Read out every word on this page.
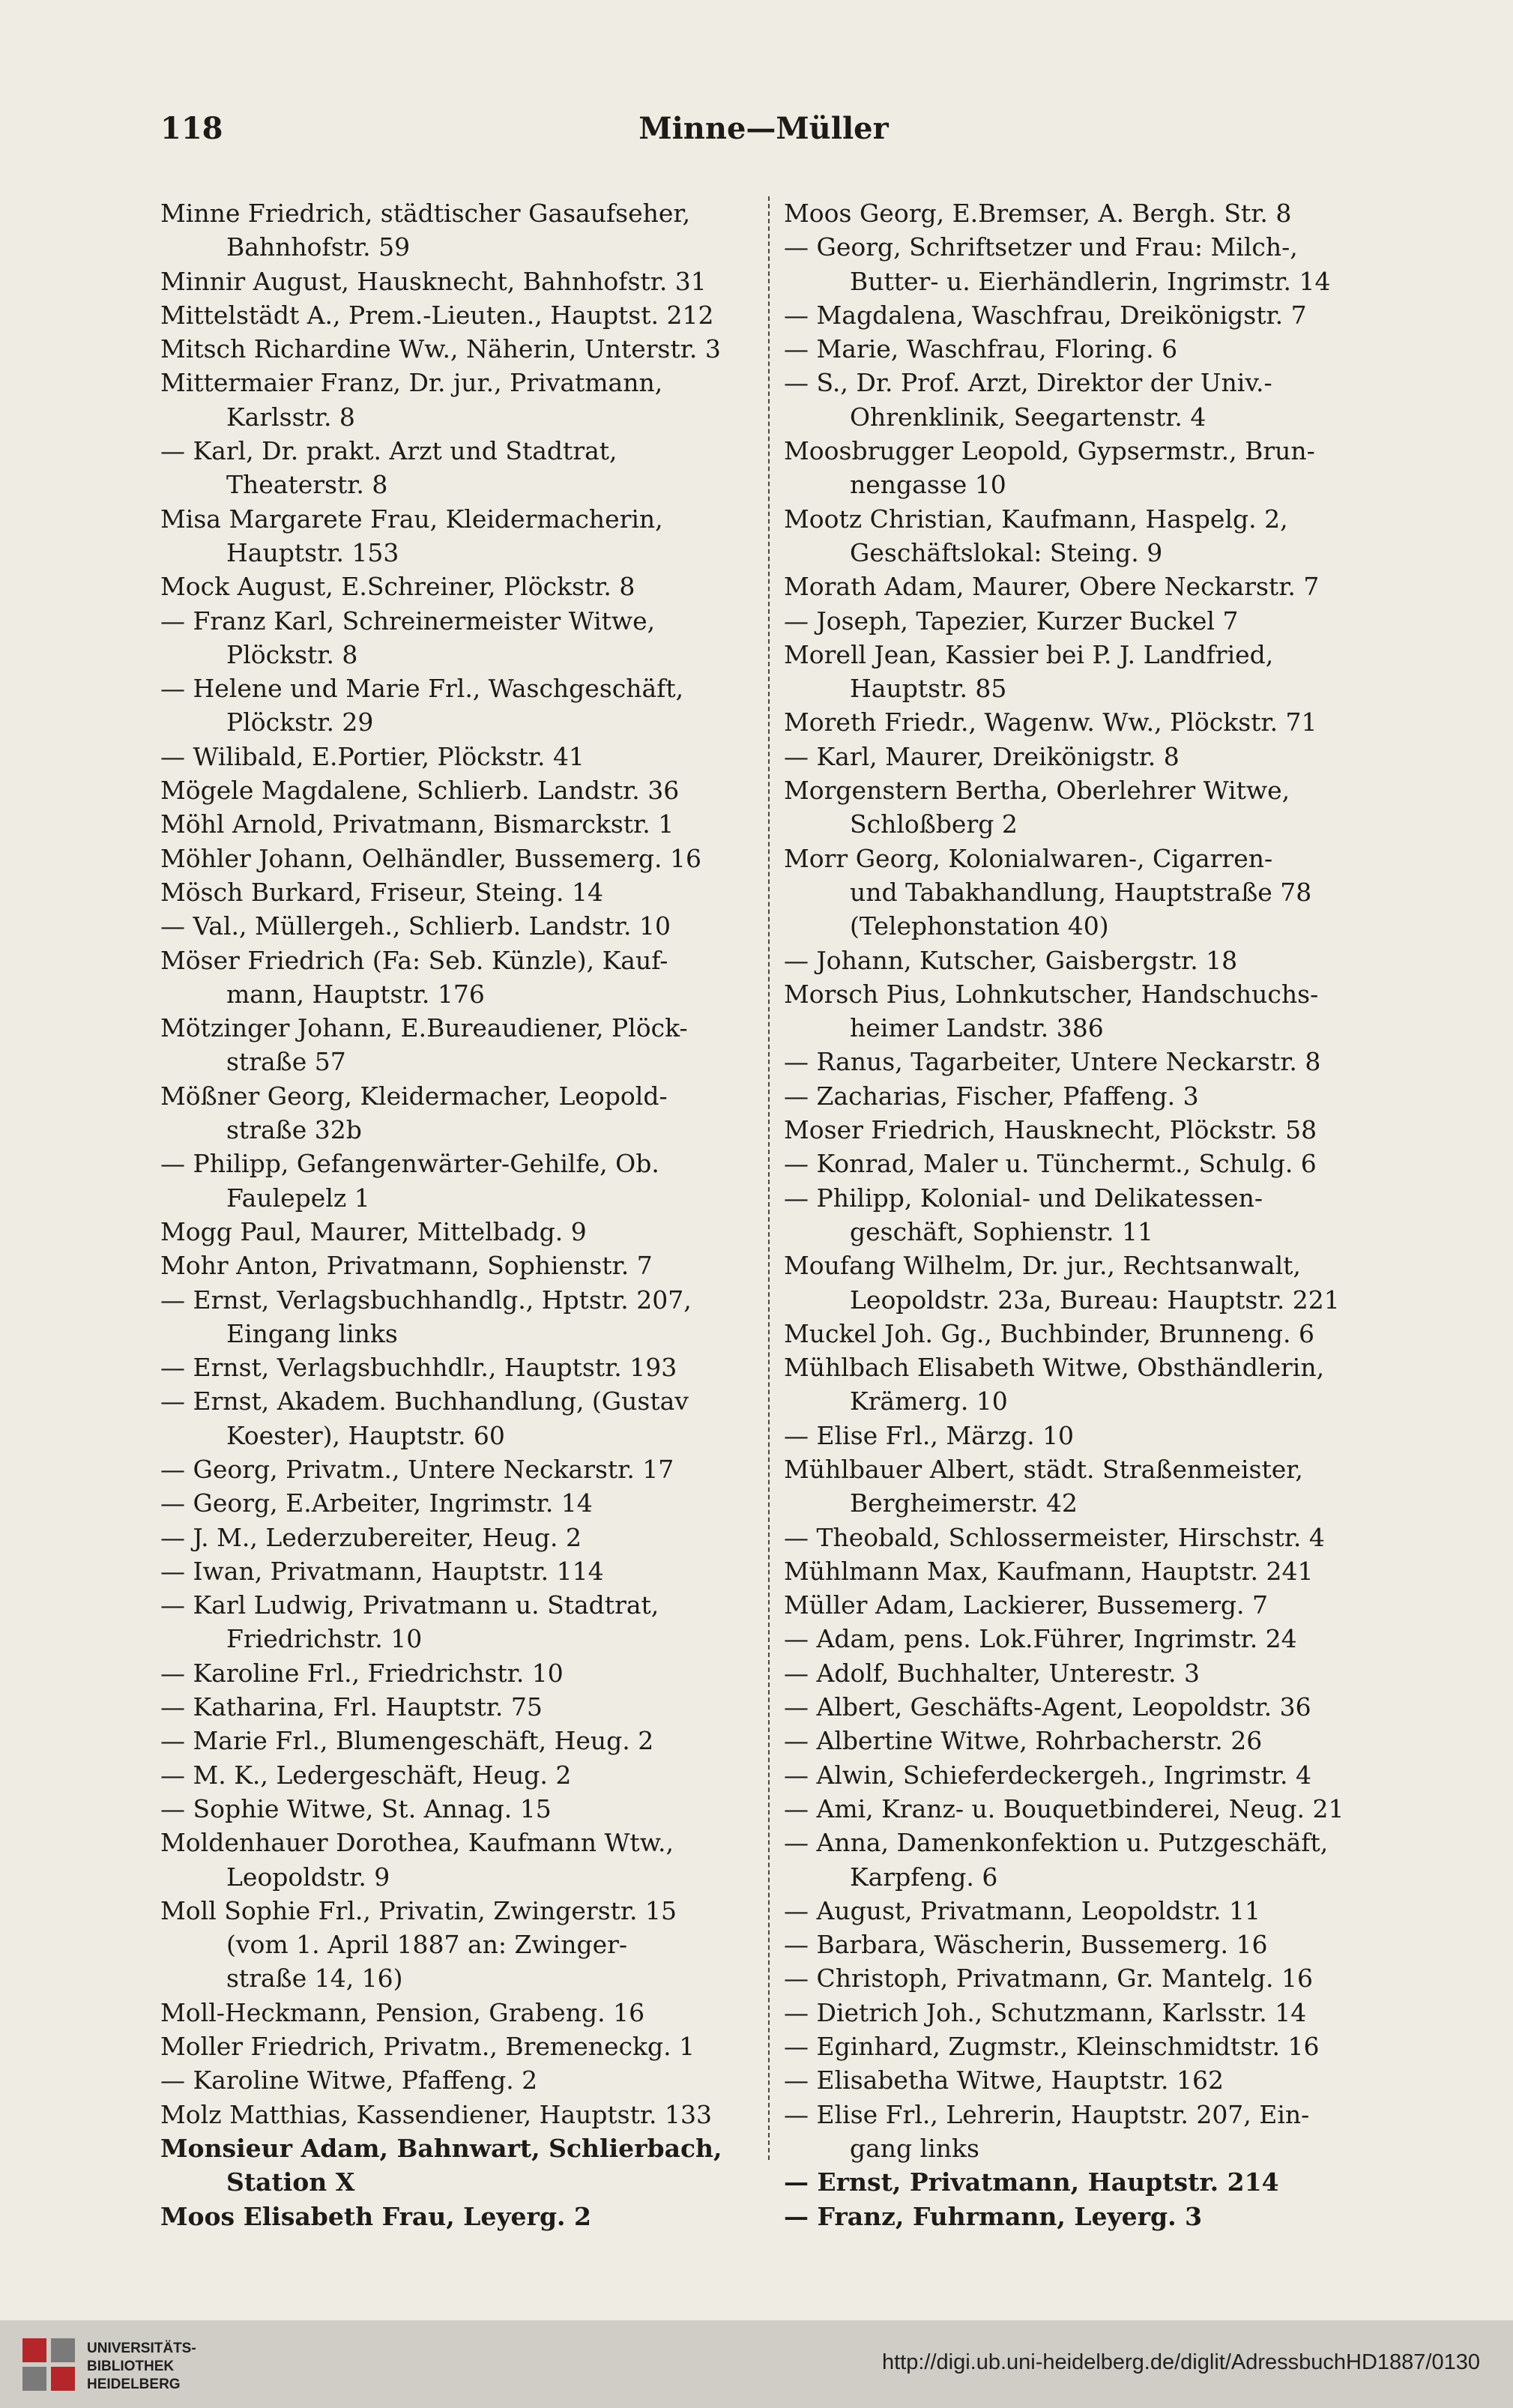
118	Minne—Müller
Minne Friedrich, städtischer Gasaufseher,
Bahnhofstr. 59
Minnir August, Hausknecht, Bahnhofstr. 31
Mittelstädt A., Prem.-Lieuten., Hauptst. 212
Mitsch Richardine Ww., Näherin, Unterstr. 3
Mittermaier Franz, Dr. jur., Privatmann,
Karlsstr. 8
— Karl, Dr. prakt. Arzt und Stadtrat,
Theaterstr. 8
Misa Margarete Frau, Kleidermacherin,
Hauptstr. 153
Mock August, E.Schreiner, Plöckstr. 8
— Franz Karl, Schreinermeister Witwe,
Plöckstr. 8
— Helene und Marie Frl., Waschgeschäft,
Plöckstr. 29
— Wilibald, E.Portier, Plöckstr. 41
Mögele Magdalene, Schlierb. Landstr. 36
Möhl Arnold, Privatmann, Bismarckstr. 1
Möhler Johann, Oelhändler, Bussemerg. 16
Mösch Burkard, Friseur, Steing. 14
— Val., Müllergeh., Schlierb. Landstr. 10
Möser Friedrich (Fa: Seb. Künzle), Kauf-
mann, Hauptstr. 176
Mötzinger Johann, E.Bureaudiener, Plöck-
straße 57
Mößner Georg, Kleidermacher, Leopold-
straße 32b
— Philipp, Gefangenwärter-Gehilfe, Ob.
Faulepelz 1
Mogg Paul, Maurer, Mittelbadg. 9
Mohr Anton, Privatmann, Sophienstr. 7
— Ernst, Verlagsbuchhandlg., Hptstr. 207,
Eingang links
— Ernst, Verlagsbuchhdlr., Hauptstr. 193
— Ernst, Akadem. Buchhandlung, (Gustav
Koester), Hauptstr. 60
— Georg, Privatm., Untere Neckarstr. 17
— Georg, E.Arbeiter, Ingrimstr. 14
— J. M., Lederzubereiter, Heug. 2
— Iwan, Privatmann, Hauptstr. 114
— Karl Ludwig, Privatmann u. Stadtrat,
Friedrichstr. 10
— Karoline Frl., Friedrichstr. 10
— Katharina, Frl. Hauptstr. 75
— Marie Frl., Blumengeschäft, Heug. 2
— M. K., Ledergeschäft, Heug. 2
— Sophie Witwe, St. Annag. 15
Moldenhauer Dorothea, Kaufmann Wtw.,
Leopoldstr. 9
Moll Sophie Frl., Privatin, Zwingerstr. 15
(vom 1. April 1887 an: Zwinger-
straße 14, 16)
Moll-Heckmann, Pension, Grabeng. 16
Moller Friedrich, Privatm., Bremeneckg. 1
— Karoline Witwe, Pfaffeng. 2
Molz Matthias, Kassendiener, Hauptstr. 133
Monsieur Adam, Bahnwart, Schlierbach,
Station X
Moos Elisabeth Frau, Leyerg. 2
Moos Georg, E.Bremser, A. Bergh. Str. 8
— Georg, Schriftsetzer und Frau: Milch-,
Butter- u. Eierhändlerin, Ingrimstr. 14
— Magdalena, Waschfrau, Dreikönigstr. 7
— Marie, Waschfrau, Floring. 6
— S., Dr. Prof. Arzt, Direktor der Univ.-
Ohrenklinik, Seegartenstr. 4
Moosbrugger Leopold, Gypsermstr., Brun-
nengasse 10
Mootz Christian, Kaufmann, Haspelg. 2,
Geschäftslokal: Steing. 9
Morath Adam, Maurer, Obere Neckarstr. 7
— Joseph, Tapezier, Kurzer Buckel 7
Morell Jean, Kassier bei P. J. Landfried,
Hauptstr. 85
Moreth Friedr., Wagenw. Ww., Plöckstr. 71
— Karl, Maurer, Dreikönigstr. 8
Morgenstern Bertha, Oberlehrer Witwe,
Schloßberg 2
Morr Georg, Kolonialwaren-, Cigarren-
und Tabakhandlung, Hauptstraße 78
(Telephonstation 40)
— Johann, Kutscher, Gaisbergstr. 18
Morsch Pius, Lohnkutscher, Handschuchs-
heimer Landstr. 386
— Ranus, Tagarbeiter, Untere Neckarstr. 8
— Zacharias, Fischer, Pfaffeng. 3
Moser Friedrich, Hausknecht, Plöckstr. 58
— Konrad, Maler u. Tünchermt., Schulg. 6
— Philipp, Kolonial- und Delikatessen-
geschäft, Sophienstr. 11
Moufang Wilhelm, Dr. jur., Rechtsanwalt,
Leopoldstr. 23a, Bureau: Hauptstr. 221
Muckel Joh. Gg., Buchbinder, Brunneng. 6
Mühlbach Elisabeth Witwe, Obsthändlerin,
Krämerg. 10
— Elise Frl., Märzg. 10
Mühlbauer Albert, städt. Straßenmeister,
Bergheimerstr. 42
— Theobald, Schlossermeister, Hirschstr. 4
Mühlmann Max, Kaufmann, Hauptstr. 241
Müller Adam, Lackierer, Bussemerg. 7
— Adam, pens. Lok.Führer, Ingrimstr. 24
— Adolf, Buchhalter, Unterestr. 3
— Albert, Geschäfts-Agent, Leopoldstr. 36
— Albertine Witwe, Rohrbacherstr. 26
— Alwin, Schieferdeckergeh., Ingrimstr. 4
— Ami, Kranz- u. Bouquetbinderei, Neug. 21
— Anna, Damenkonfektion u. Putzgeschäft,
Karpfeng. 6
— August, Privatmann, Leopoldstr. 11
— Barbara, Wäscherin, Bussemerg. 16
— Christoph, Privatmann, Gr. Mantelg. 16
— Dietrich Joh., Schutzmann, Karlsstr. 14
— Eginhard, Zugmstr., Kleinschmidtstr. 16
— Elisabetha Witwe, Hauptstr. 162
— Elise Frl., Lehrerin, Hauptstr. 207, Ein-
gang links
— Ernst, Privatmann, Hauptstr. 214
— Franz, Fuhrmann, Leyerg. 3
UNIVERSITÄTS-
BIBLIOTHEK
HEIDELBERG
http://digi.ub.uni-heidelberg.de/diglit/AdressbuchHD1887/0130
